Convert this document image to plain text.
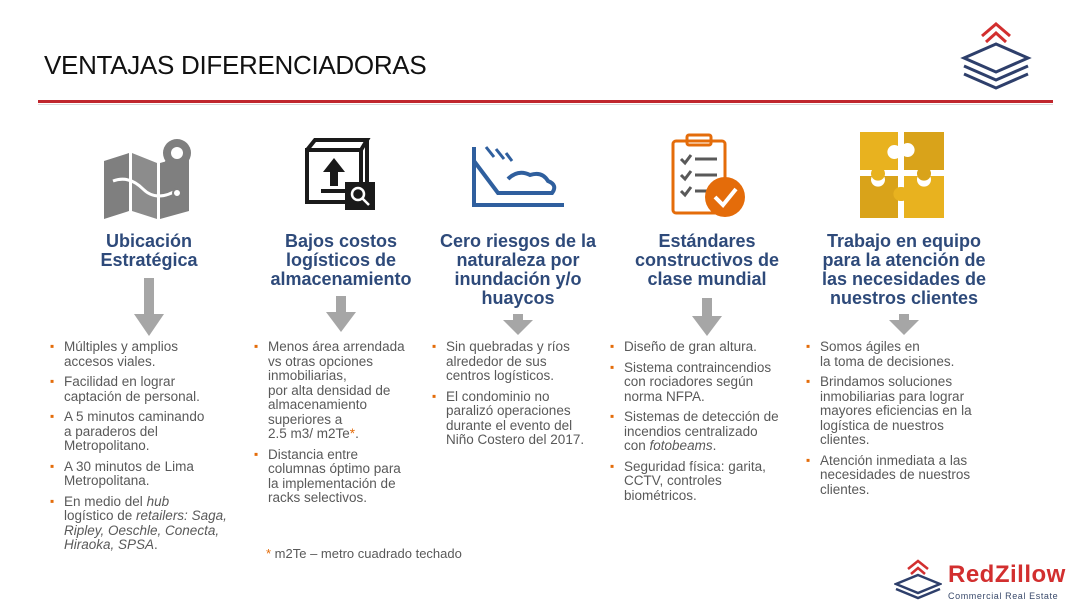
VENTAJAS DIFERENCIADORAS
Ubicación
Estratégica
▪ Múltiples y amplios
accesos viales.
▪ Facilidad en lograr
captación de personal.
▪ A 5 minutos caminando
a paraderos del
Metropolitano.
▪ A 30 minutos de Lima
Metropolitana.
▪ En medio del hub
logístico de retailers: Saga,
Ripley, Oeschle, Conecta,
Hiraoka, SPSA.
Bajos costos
logísticos de
almacenamiento
▪ Menos área arrendada
vs otras opciones
inmobiliarias,
por alta densidad de
almacenamiento
superiores a
2.5 m3/ m2Te*.
▪ Distancia entre
columnas óptimo para
la implementación de
racks selectivos.
Cero riesgos de la
naturaleza por
inundación y/o
huaycos
▪ Sin quebradas y ríos
alrededor de sus
centros logísticos.
▪ El condominio no
paralizó operaciones
durante el evento del
Niño Costero del 2017.
Estándares
constructivos de
clase mundial
▪ Diseño de gran altura.
▪ Sistema contraincendios
con rociadores según
norma NFPA.
▪ Sistemas de detección de
incendios centralizado
con fotobeams.
▪ Seguridad física: garita,
CCTV, controles
biométricos.
Trabajo en equipo
para la atención de
las necesidades de
nuestros clientes
▪ Somos ágiles en
la toma de decisiones.
▪ Brindamos soluciones
inmobiliarias para lograr
mayores eficiencias en la
logística de nuestros
clientes.
▪ Atención inmediata a las
necesidades de nuestros
clientes.
* m2Te – metro cuadrado techado
RedZillow
Commercial Real Estate
